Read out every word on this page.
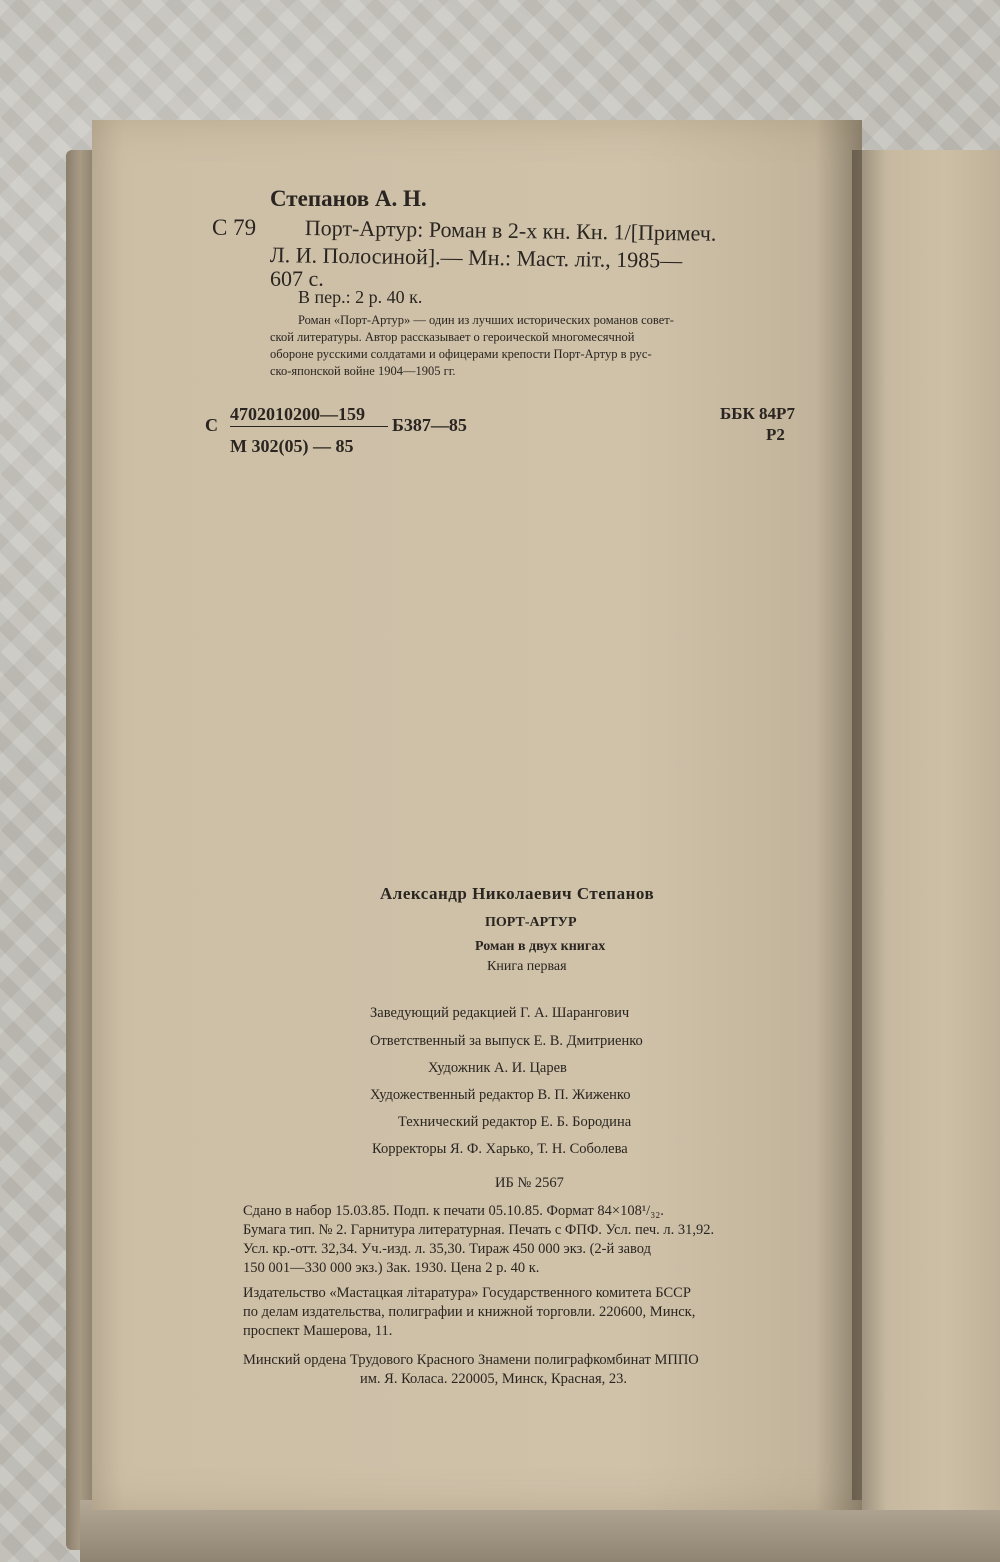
Степанов А. Н.
С 79 Порт-Артур: Роман в 2-х кн. Кн. 1/[Примеч.
Л. И. Полосиной].— Мн.: Маст. літ., 1985—
607 с.
В пер.: 2 р. 40 к.
Роман «Порт-Артур» — один из лучших исторических романов совет-
ской литературы. Автор рассказывает о героической многомесячной
обороне русскими солдатами и офицерами крепости Порт-Артур в рус-
ско-японской войне 1904—1905 гг.
4702010200—159
С	Б387—85
М 302(05) — 85
ББК 84Р7
Р2
Александр Николаевич Степанов
ПОРТ-АРТУР
Роман в двух книгах
Книга первая
Заведующий редакцией Г. А. Шарангович
Ответственный за выпуск Е. В. Дмитриенко
Художник А. И. Царев
Художественный редактор В. П. Жиженко
Технический редактор Е. Б. Бородина
Корректоры Я. Ф. Харько, Т. Н. Соболева
ИБ № 2567
Сдано в набор 15.03.85. Подп. к печати 05.10.85. Формат 84×108¹/₃₂.
Бумага тип. № 2. Гарнитура литературная. Печать с ФПФ. Усл. печ. л. 31,92.
Усл. кр.-отт. 32,34. Уч.-изд. л. 35,30. Тираж 450 000 экз. (2-й завод
150 001—330 000 экз.) Зак. 1930. Цена 2 р. 40 к.
Издательство «Мастацкая літаратура» Государственного комитета БССР
по делам издательства, полиграфии и книжной торговли. 220600, Минск,
проспект Машерова, 11.
Минский ордена Трудового Красного Знамени полиграфкомбинат МППО
им. Я. Коласа. 220005, Минск, Красная, 23.
